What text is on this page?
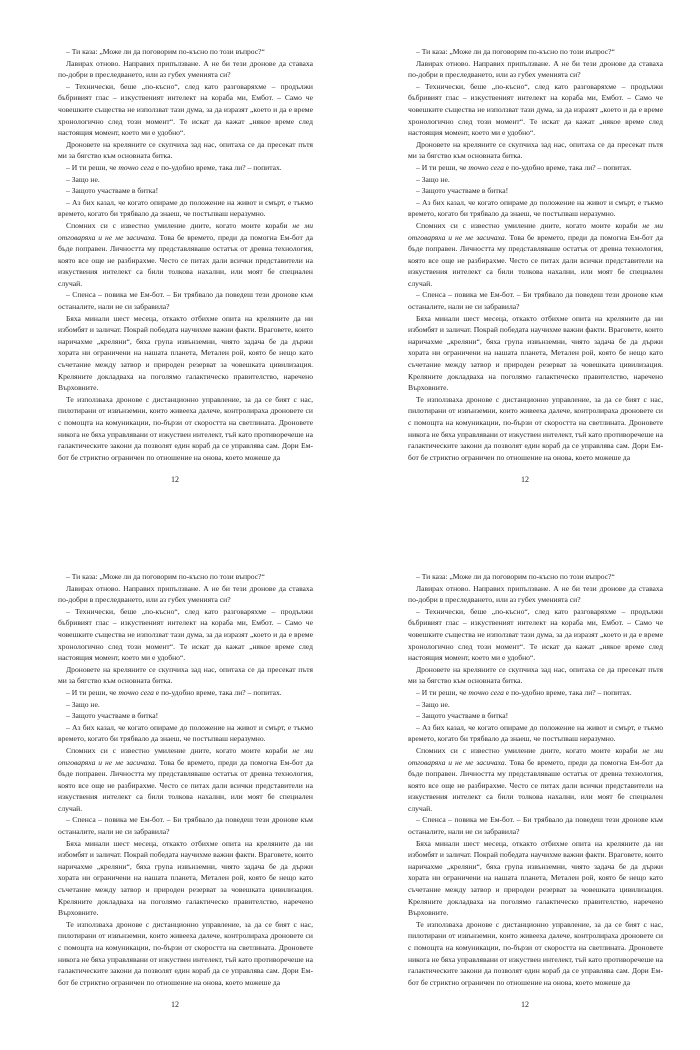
– Ти каза: „Може ли да поговорим по-късно по този въпрос?“

Лавирах отново. Направих припълзване. А не би тези дронове да ставаха по-добри в преследването, или аз губех уменията си?

– Технически, беше „по-късно“, след като разговаряхме – продължи бъбривият глас – изкуственият интелект на кораба ми, Ембот. – Само че човешките същества не използват тази дума, за да изразят „което и да е време хронологично след този момент“. Те искат да кажат „някое време след настоящия момент, което ми е удобно“.

Дроновете на креляните се скупчиха зад нас, опитаха се да пресекат пътя ми за бягство към основната битка.

– И ти реши, че точно сега е по-удобно време, така ли? – попитах.

– Защо не.

– Защото участваме в битка!

– Аз бих казал, че когато опираме до положение на живот и смърт, е тъкмо времето, когато би трябвало да знаеш, че постъпваш неразумно.

Спомних си с известно умиление дните, когато моите кораби не ми отговаряха и не ме засичаха. Това бе времето, преди да помогна Ем-бот да бъде поправен. Личността му представляваше остатък от древна технология, която все още не разбирахме. Често се питах дали всички представители на изкуствения интелект са били толкова нахални, или моят бе специален случай.

– Спенса – повика ме Ем-бот. – Би трябвало да поведеш тези дронове към останалите, нали не си забравила?

Бяха минали шест месеца, откакто отбихме опита на креляните да ни избомбят и заличат. Покрай победата научихме важни факти. Враговете, които наричахме „креляни“, бяха група извънземни, чиято задача бе да държи хората ни ограничени на нашата планета, Метален рой, която бе нещо като съчетание между затвор и природен резерват за човешката цивилизация. Креляните докладваха на поголямо галактическо правителство, наречено Върховните.

Те използваха дронове с дистанционно управление, за да се бият с нас, пилотирани от извънземни, които живееха далече, контролираха дроновете си с помощта на комуникации, по-бързи от скоростта на светлината. Дроновете никога не бяха управлявани от изкуствен интелект, тъй като противоречеше на галактическите закони да позволят един кораб да се управлява сам. Дори Ем-бот бе стриктно ограничен по отношение на онова, което можеше да

12

– Ти каза: „Може ли да поговорим по-късно по този въпрос?“

Лавирах отново. Направих припълзване. А не би тези дронове да ставаха по-добри в преследването, или аз губех уменията си?

– Технически, беше „по-късно“, след като разговаряхме – продължи бъбривият глас – изкуственият интелект на кораба ми, Ембот. – Само че човешките същества не използват тази дума, за да изразят „което и да е време хронологично след този момент“. Те искат да кажат „някое време след настоящия момент, което ми е удобно“.

Дроновете на креляните се скупчиха зад нас, опитаха се да пресекат пътя ми за бягство към основната битка.

– И ти реши, че точно сега е по-удобно време, така ли? – попитах.

– Защо не.

– Защото участваме в битка!

– Аз бих казал, че когато опираме до положение на живот и смърт, е тъкмо времето, когато би трябвало да знаеш, че постъпваш неразумно.

Спомних си с известно умиление дните, когато моите кораби не ми отговаряха и не ме засичаха. Това бе времето, преди да помогна Ем-бот да бъде поправен. Личността му представляваше остатък от древна технология, която все още не разбирахме. Често се питах дали всички представители на изкуствения интелект са били толкова нахални, или моят бе специален случай.

– Спенса – повика ме Ем-бот. – Би трябвало да поведеш тези дронове към останалите, нали не си забравила?

Бяха минали шест месеца, откакто отбихме опита на креляните да ни избомбят и заличат. Покрай победата научихме важни факти. Враговете, които наричахме „креляни“, бяха група извънземни, чиято задача бе да държи хората ни ограничени на нашата планета, Метален рой, която бе нещо като съчетание между затвор и природен резерват за човешката цивилизация. Креляните докладваха на поголямо галактическо правителство, наречено Върховните.

Те използваха дронове с дистанционно управление, за да се бият с нас, пилотирани от извънземни, които живееха далече, контролираха дроновете си с помощта на комуникации, по-бързи от скоростта на светлината. Дроновете никога не бяха управлявани от изкуствен интелект, тъй като противоречеше на галактическите закони да позволят един кораб да се управлява сам. Дори Ем-бот бе стриктно ограничен по отношение на онова, което можеше да

12

– Ти каза: „Може ли да поговорим по-късно по този въпрос?“

Лавирах отново. Направих припълзване. А не би тези дронове да ставаха по-добри в преследването, или аз губех уменията си?

– Технически, беше „по-късно“, след като разговаряхме – продължи бъбривият глас – изкуственият интелект на кораба ми, Ембот. – Само че човешките същества не използват тази дума, за да изразят „което и да е време хронологично след този момент“. Те искат да кажат „някое време след настоящия момент, което ми е удобно“.

Дроновете на креляните се скупчиха зад нас, опитаха се да пресекат пътя ми за бягство към основната битка.

– И ти реши, че точно сега е по-удобно време, така ли? – попитах.

– Защо не.

– Защото участваме в битка!

– Аз бих казал, че когато опираме до положение на живот и смърт, е тъкмо времето, когато би трябвало да знаеш, че постъпваш неразумно.

Спомних си с известно умиление дните, когато моите кораби не ми отговаряха и не ме засичаха. Това бе времето, преди да помогна Ем-бот да бъде поправен. Личността му представляваше остатък от древна технология, която все още не разбирахме. Често се питах дали всички представители на изкуствения интелект са били толкова нахални, или моят бе специален случай.

– Спенса – повика ме Ем-бот. – Би трябвало да поведеш тези дронове към останалите, нали не си забравила?

Бяха минали шест месеца, откакто отбихме опита на креляните да ни избомбят и заличат. Покрай победата научихме важни факти. Враговете, които наричахме „креляни“, бяха група извънземни, чиято задача бе да държи хората ни ограничени на нашата планета, Метален рой, която бе нещо като съчетание между затвор и природен резерват за човешката цивилизация. Креляните докладваха на поголямо галактическо правителство, наречено Върховните.

Те използваха дронове с дистанционно управление, за да се бият с нас, пилотирани от извънземни, които живееха далече, контролираха дроновете си с помощта на комуникации, по-бързи от скоростта на светлината. Дроновете никога не бяха управлявани от изкуствен интелект, тъй като противоречеше на галактическите закони да позволят един кораб да се управлява сам. Дори Ем-бот бе стриктно ограничен по отношение на онова, което можеше да

12

– Ти каза: „Може ли да поговорим по-късно по този въпрос?“

Лавирах отново. Направих припълзване. А не би тези дронове да ставаха по-добри в преследването, или аз губех уменията си?

– Технически, беше „по-късно“, след като разговаряхме – продължи бъбривият глас – изкуственият интелект на кораба ми, Ембот. – Само че човешките същества не използват тази дума, за да изразят „което и да е време хронологично след този момент“. Те искат да кажат „някое време след настоящия момент, което ми е удобно“.

Дроновете на креляните се скупчиха зад нас, опитаха се да пресекат пътя ми за бягство към основната битка.

– И ти реши, че точно сега е по-удобно време, така ли? – попитах.

– Защо не.

– Защото участваме в битка!

– Аз бих казал, че когато опираме до положение на живот и смърт, е тъкмо времето, когато би трябвало да знаеш, че постъпваш неразумно.

Спомних си с известно умиление дните, когато моите кораби не ми отговаряха и не ме засичаха. Това бе времето, преди да помогна Ем-бот да бъде поправен. Личността му представляваше остатък от древна технология, която все още не разбирахме. Често се питах дали всички представители на изкуствения интелект са били толкова нахални, или моят бе специален случай.

– Спенса – повика ме Ем-бот. – Би трябвало да поведеш тези дронове към останалите, нали не си забравила?

Бяха минали шест месеца, откакто отбихме опита на креляните да ни избомбят и заличат. Покрай победата научихме важни факти. Враговете, които наричахме „креляни“, бяха група извънземни, чиято задача бе да държи хората ни ограничени на нашата планета, Метален рой, която бе нещо като съчетание между затвор и природен резерват за човешката цивилизация. Креляните докладваха на поголямо галактическо правителство, наречено Върховните.

Те използваха дронове с дистанционно управление, за да се бият с нас, пилотирани от извънземни, които живееха далече, контролираха дроновете си с помощта на комуникации, по-бързи от скоростта на светлината. Дроновете никога не бяха управлявани от изкуствен интелект, тъй като противоречеше на галактическите закони да позволят един кораб да се управлява сам. Дори Ем-бот бе стриктно ограничен по отношение на онова, което можеше да

12
